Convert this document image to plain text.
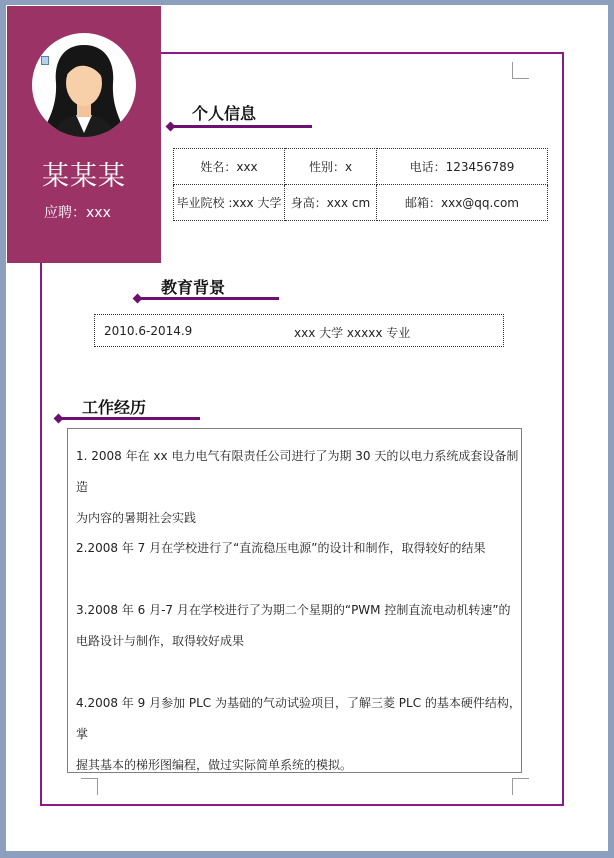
某某某
应聘：xxx
个人信息
姓名：xxx	性别：x	电话：123456789
毕业院校 :xxx 大学	身高：xxx cm	邮箱：xxx@qq.com
教育背景
2010.6-2014.9	xxx 大学 xxxxx 专业
工作经历
1. 2008 年在 xx 电力电气有限责任公司进行了为期 30 天的以电力系统成套设备制造
为内容的暑期社会实践
2.2008 年 7 月在学校进行了“直流稳压电源”的设计和制作，取得较好的结果
3.2008 年 6 月-7 月在学校进行了为期二个星期的“PWM 控制直流电动机转速”的
电路设计与制作，取得较好成果
4.2008 年 9 月参加 PLC 为基础的气动试验项目，了解三菱 PLC 的基本硬件结构，掌
握其基本的梯形图编程，做过实际简单系统的模拟。
